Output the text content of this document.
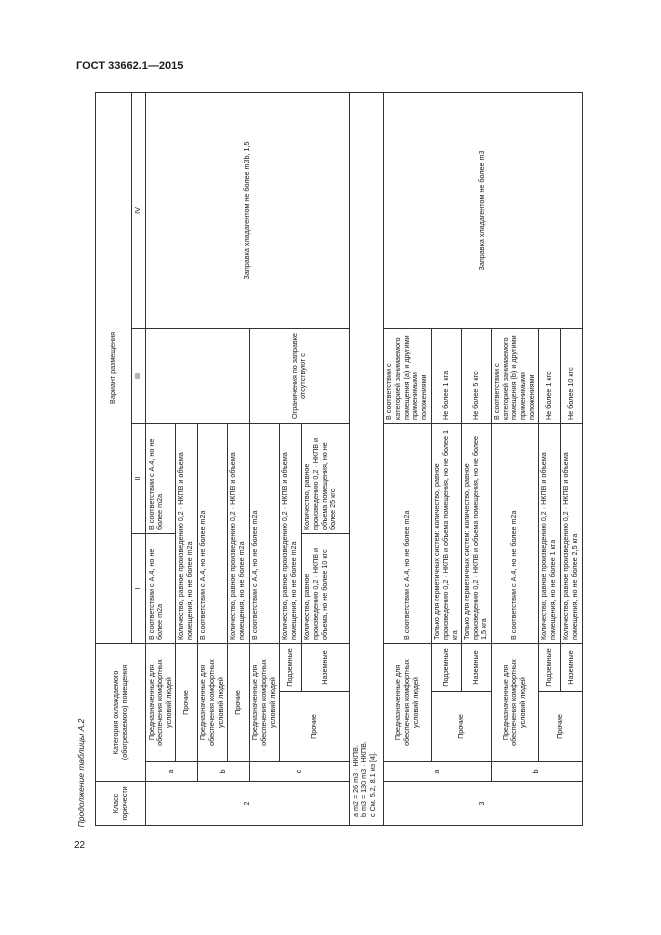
ГОСТ 33662.1—2015
22
Продолжение таблицы А.2	Класс горючести	Категория охлаждаемого (обогреваемого) помещения			Вариант размещения			
				I	II	III	IV
2	a	Предназначенные для обеспечения комфортных условий людей		В соответствии с А.4, но не более m2a	В соответствии с А.4, но не более m2a		Заправка хладагентом не более m3b, 1,5
		Прочие		Количество, равное произведению 0,2 · НКПВ и объема помещения, но не более m2a			
	b	Предназначенные для обеспечения комфортных условий людей		В соответствии с А.4, но не более m2a			
		Прочие		Количество, равное произведению 0,2 · НКПВ и объема помещения, но не более m2a			
	c	Предназначенные для обеспечения комфортных условий людей		В соответствии с А.4, но не более m2a		Ограничения по заправке отсутствуют c	
		Прочие	Подземные	Количество, равное произведению 0,2 · НКПВ и объема помещения, но не более m2a			
			Наземные	Количество, равное произведению 0,2 · НКПВ и объема, но не более 10 кгc	Количество, равное произведению 0,2 · НКПВ и объема помещения, но не более 25 кгc		

a m2 = 26 m3 · НКПВ. b m3 = 130 m3 · НКПВ. c См. 5.2, 8.1 из [4].							

3	a	Предназначенные для обеспечения комфортных условий людей		В соответствии с А.4, но не более m2a		В соответствии с категорией занимаемого помещения (a) и другими применимыми положениями	Заправка хладагентом не более m3
		Прочие	Подземные	Только для герметичных систем: количество, равное произведению 0,2 · НКПВ и объема помещения, но не более 1 кгa		Не более 1 кгa	
			Наземные	Только для герметичных систем: количество, равное произведению 0,2 · НКПВ и объема помещения, но не более 1,5 кгa		Не более 5 кгc	
	b	Предназначенные для обеспечения комфортных условий людей		В соответствии с А.4, но не более m2a		В соответствии с категорией занимаемого помещения (b) и другими применимыми положениями	
		Прочие	Подземные	Количество, равное произведению 0,2 · НКПВ и объема помещения, но не более 1 кгa		Не более 1 кгc	
			Наземные	Количество, равное произведению 0,2 · НКПВ и объема помещения, но не более 2,5 кгa		Не более 10 кгc	
